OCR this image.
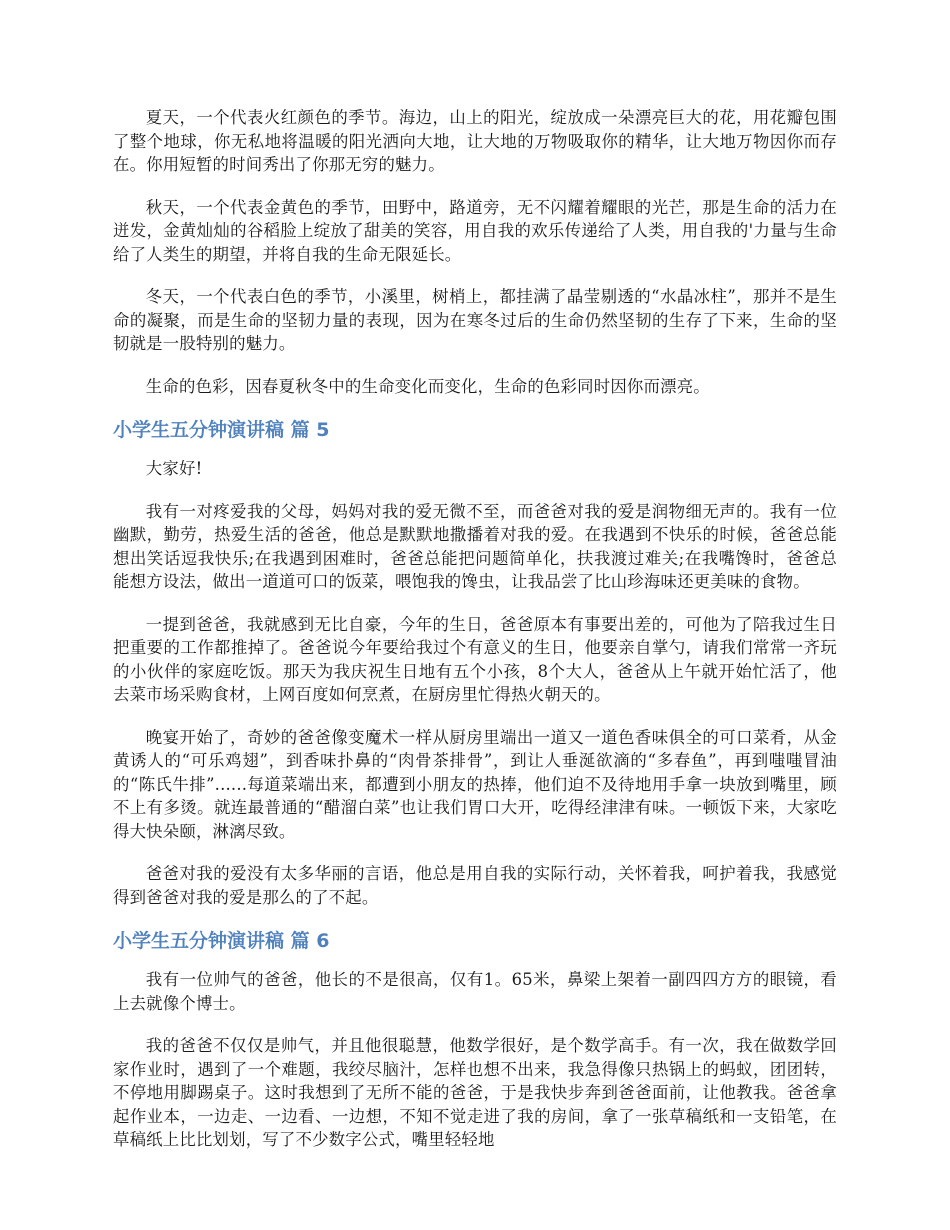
夏天，一个代表火红颜色的季节。海边，山上的阳光，绽放成一朵漂亮巨大的花，用花瓣包围了整个地球，你无私地将温暖的阳光洒向大地，让大地的万物吸取你的精华，让大地万物因你而存在。你用短暂的时间秀出了你那无穷的魅力。

秋天，一个代表金黄色的季节，田野中，路道旁，无不闪耀着耀眼的光芒，那是生命的活力在迸发，金黄灿灿的谷稻脸上绽放了甜美的笑容，用自我的欢乐传递给了人类，用自我的'力量与生命给了人类生的期望，并将自我的生命无限延长。

冬天，一个代表白色的季节，小溪里，树梢上，都挂满了晶莹剔透的“水晶冰柱”，那并不是生命的凝聚，而是生命的坚韧力量的表现，因为在寒冬过后的生命仍然坚韧的生存了下来，生命的坚韧就是一股特别的魅力。

生命的色彩，因春夏秋冬中的生命变化而变化，生命的色彩同时因你而漂亮。

小学生五分钟演讲稿 篇 5

大家好!

我有一对疼爱我的父母，妈妈对我的爱无微不至，而爸爸对我的爱是润物细无声的。我有一位幽默，勤劳，热爱生活的爸爸，他总是默默地撒播着对我的爱。在我遇到不快乐的时候，爸爸总能想出笑话逗我快乐;在我遇到困难时，爸爸总能把问题简单化，扶我渡过难关;在我嘴馋时，爸爸总能想方设法，做出一道道可口的饭菜，喂饱我的馋虫，让我品尝了比山珍海味还更美味的食物。

一提到爸爸，我就感到无比自豪，今年的生日，爸爸原本有事要出差的，可他为了陪我过生日把重要的工作都推掉了。爸爸说今年要给我过个有意义的生日，他要亲自掌勺，请我们常常一齐玩的小伙伴的家庭吃饭。那天为我庆祝生日地有五个小孩，8个大人，爸爸从上午就开始忙活了，他去菜市场采购食材，上网百度如何烹煮，在厨房里忙得热火朝天的。

晚宴开始了，奇妙的爸爸像变魔术一样从厨房里端出一道又一道色香味俱全的可口菜肴，从金黄诱人的“可乐鸡翅”，到香味扑鼻的“肉骨茶排骨”，到让人垂涎欲滴的“多春鱼”，再到嗤嗤冒油的“陈氏牛排”......每道菜端出来，都遭到小朋友的热捧，他们迫不及待地用手拿一块放到嘴里，顾不上有多烫。就连最普通的“醋溜白菜”也让我们胃口大开，吃得经津津有味。一顿饭下来，大家吃得大快朵颐，淋漓尽致。

爸爸对我的爱没有太多华丽的言语，他总是用自我的实际行动，关怀着我，呵护着我，我感觉得到爸爸对我的爱是那么的了不起。

小学生五分钟演讲稿 篇 6

我有一位帅气的爸爸，他长的不是很高，仅有1。65米，鼻梁上架着一副四四方方的眼镜，看上去就像个博士。

我的爸爸不仅仅是帅气，并且他很聪慧，他数学很好，是个数学高手。有一次，我在做数学回家作业时，遇到了一个难题，我绞尽脑汁，怎样也想不出来，我急得像只热锅上的蚂蚁，团团转，不停地用脚踢桌子。这时我想到了无所不能的爸爸，于是我快步奔到爸爸面前，让他教我。爸爸拿起作业本，一边走、一边看、一边想，不知不觉走进了我的房间，拿了一张草稿纸和一支铅笔，在草稿纸上比比划划，写了不少数字公式，嘴里轻轻地
